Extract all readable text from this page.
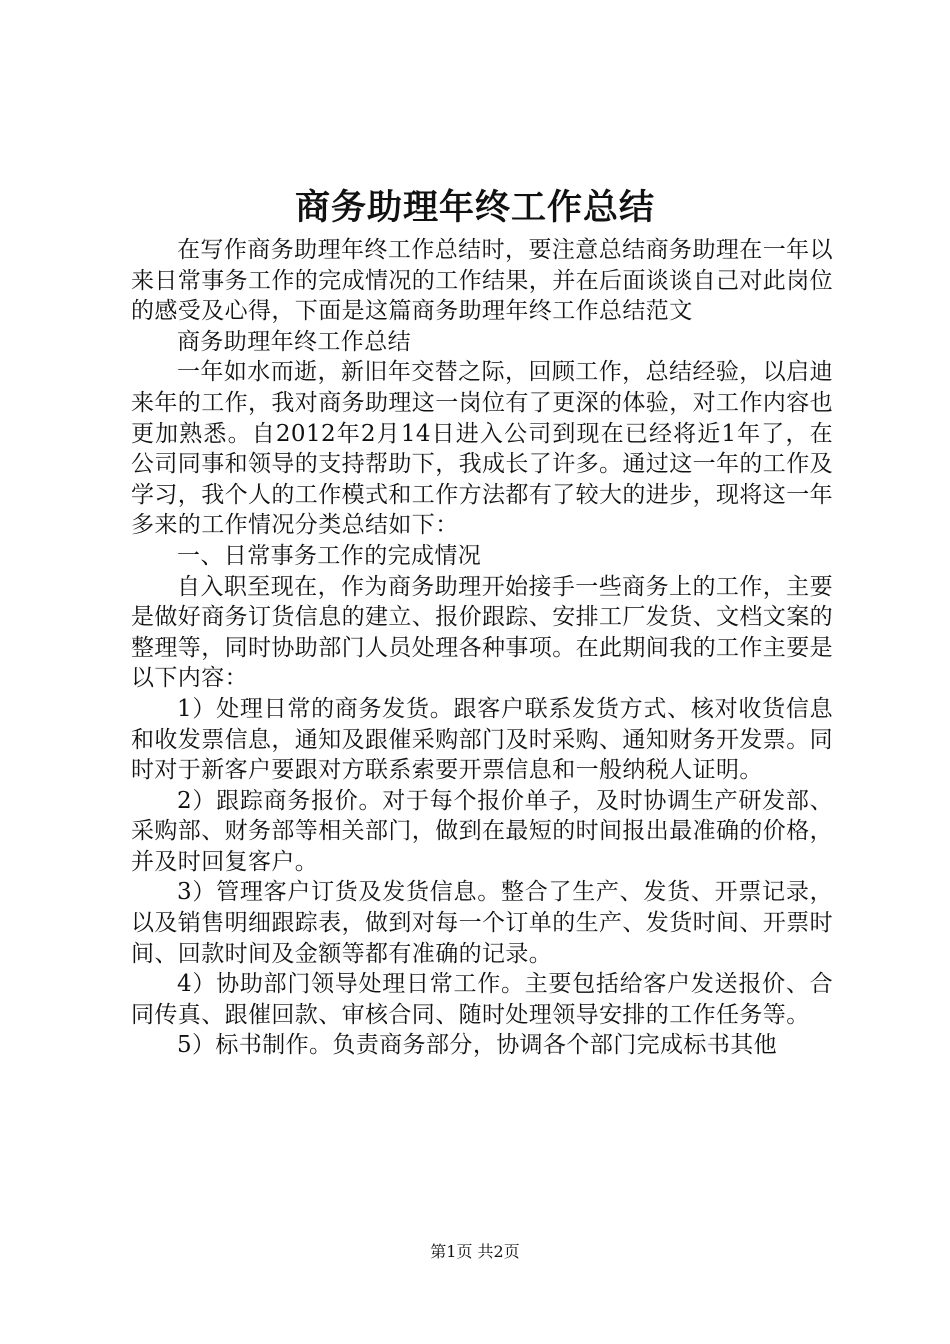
商务助理年终工作总结

在写作商务助理年终工作总结时，要注意总结商务助理在一年以来日常事务工作的完成情况的工作结果，并在后面谈谈自己对此岗位的感受及心得，下面是这篇商务助理年终工作总结范文

商务助理年终工作总结

一年如水而逝，新旧年交替之际，回顾工作，总结经验，以启迪来年的工作，我对商务助理这一岗位有了更深的体验，对工作内容也更加熟悉。自2012年2月14日进入公司到现在已经将近1年了，在公司同事和领导的支持帮助下，我成长了许多。通过这一年的工作及学习，我个人的工作模式和工作方法都有了较大的进步，现将这一年多来的工作情况分类总结如下：

一、日常事务工作的完成情况

自入职至现在，作为商务助理开始接手一些商务上的工作，主要是做好商务订货信息的建立、报价跟踪、安排工厂发货、文档文案的整理等，同时协助部门人员处理各种事项。在此期间我的工作主要是以下内容：

1）处理日常的商务发货。跟客户联系发货方式、核对收货信息和收发票信息，通知及跟催采购部门及时采购、通知财务开发票。同时对于新客户要跟对方联系索要开票信息和一般纳税人证明。

2）跟踪商务报价。对于每个报价单子，及时协调生产研发部、采购部、财务部等相关部门，做到在最短的时间报出最准确的价格，并及时回复客户。

3）管理客户订货及发货信息。整合了生产、发货、开票记录，以及销售明细跟踪表，做到对每一个订单的生产、发货时间、开票时间、回款时间及金额等都有准确的记录。

4）协助部门领导处理日常工作。主要包括给客户发送报价、合同传真、跟催回款、审核合同、随时处理领导安排的工作任务等。

5）标书制作。负责商务部分，协调各个部门完成标书其他

第1页 共2页
